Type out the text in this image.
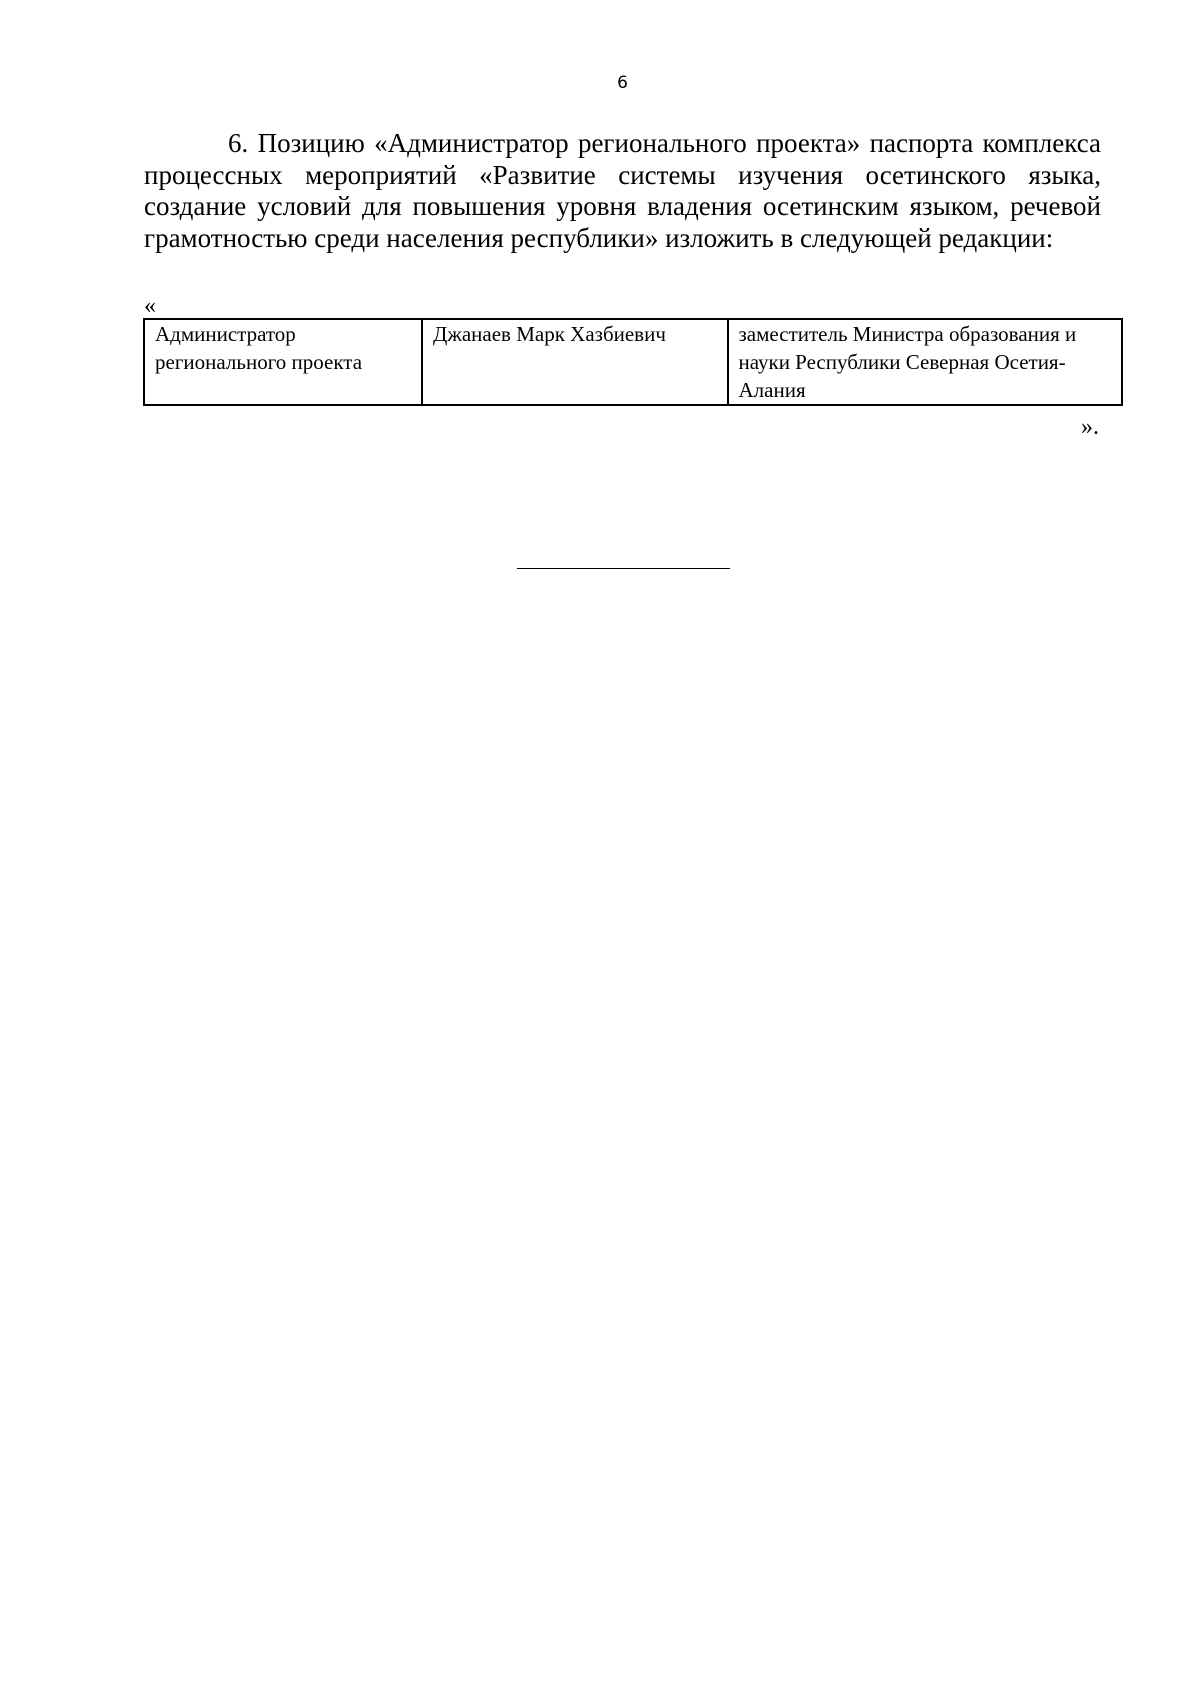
6

6. Позицию «Администратор регионального проекта» паспорта комплекса процессных мероприятий «Развитие системы изучения осетинского языка, создание условий для повышения уровня владения осетинским языком, речевой грамотностью среди населения республики» изложить в следующей редакции:

«
Администратор регионального проекта	Джанаев Марк Хазбиевич	заместитель Министра образования и науки Республики Северная Осетия-Алания
».
